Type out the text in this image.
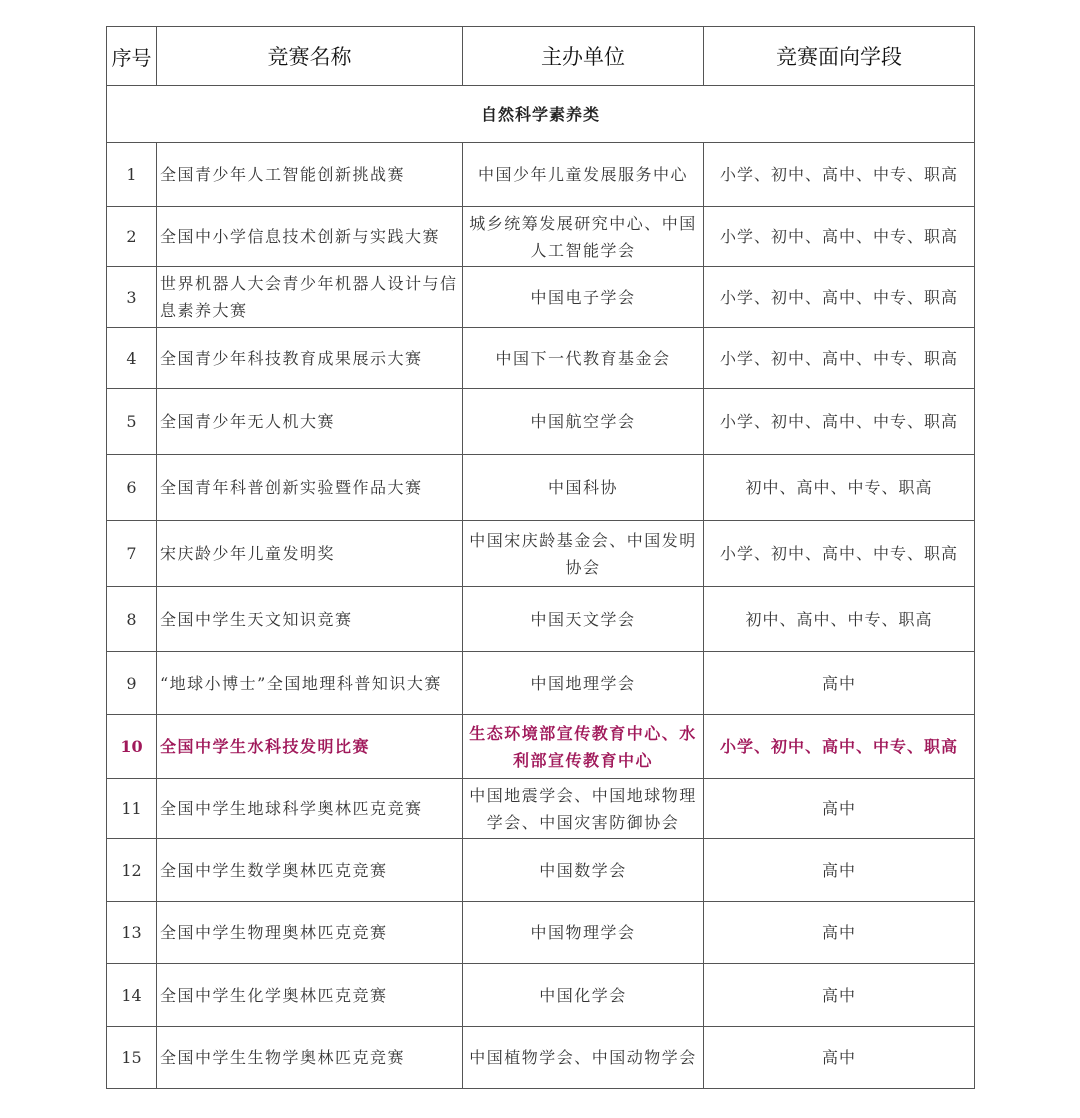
序号	竞赛名称	主办单位	竞赛面向学段
自然科学素养类			
1	全国青少年人工智能创新挑战赛	中国少年儿童发展服务中心	小学、初中、高中、中专、职高
2	全国中小学信息技术创新与实践大赛	城乡统筹发展研究中心、中国人工智能学会	小学、初中、高中、中专、职高
3	世界机器人大会青少年机器人设计与信息素养大赛	中国电子学会	小学、初中、高中、中专、职高
4	全国青少年科技教育成果展示大赛	中国下一代教育基金会	小学、初中、高中、中专、职高
5	全国青少年无人机大赛	中国航空学会	小学、初中、高中、中专、职高
6	全国青年科普创新实验暨作品大赛	中国科协	初中、高中、中专、职高
7	宋庆龄少年儿童发明奖	中国宋庆龄基金会、中国发明协会	小学、初中、高中、中专、职高
8	全国中学生天文知识竞赛	中国天文学会	初中、高中、中专、职高
9	“地球小博士”全国地理科普知识大赛	中国地理学会	高中
10	全国中学生水科技发明比赛	生态环境部宣传教育中心、水利部宣传教育中心	小学、初中、高中、中专、职高
11	全国中学生地球科学奥林匹克竞赛	中国地震学会、中国地球物理学会、中国灾害防御协会	高中
12	全国中学生数学奥林匹克竞赛	中国数学会	高中
13	全国中学生物理奥林匹克竞赛	中国物理学会	高中
14	全国中学生化学奥林匹克竞赛	中国化学会	高中
15	全国中学生生物学奥林匹克竞赛	中国植物学会、中国动物学会	高中
